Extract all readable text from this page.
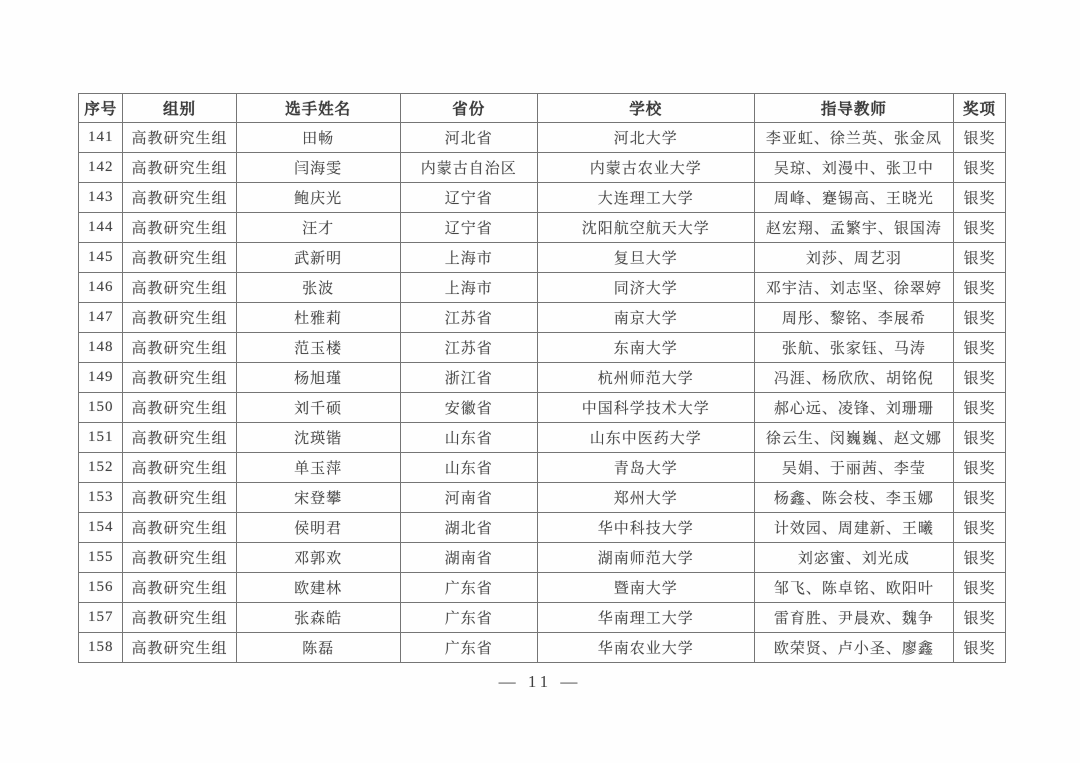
序号	组别	选手姓名	省份	学校	指导教师	奖项
141	高教研究生组	田畅	河北省	河北大学	李亚虹、徐兰英、张金凤	银奖
142	高教研究生组	闫海雯	内蒙古自治区	内蒙古农业大学	吴琼、刘漫中、张卫中	银奖
143	高教研究生组	鲍庆光	辽宁省	大连理工大学	周峰、蹇锡高、王晓光	银奖
144	高教研究生组	汪才	辽宁省	沈阳航空航天大学	赵宏翔、孟繁宇、银国涛	银奖
145	高教研究生组	武新明	上海市	复旦大学	刘莎、周艺羽	银奖
146	高教研究生组	张波	上海市	同济大学	邓宇洁、刘志坚、徐翠婷	银奖
147	高教研究生组	杜雅莉	江苏省	南京大学	周彤、黎铭、李展希	银奖
148	高教研究生组	范玉楼	江苏省	东南大学	张航、张家钰、马涛	银奖
149	高教研究生组	杨旭瑾	浙江省	杭州师范大学	冯涯、杨欣欣、胡铭倪	银奖
150	高教研究生组	刘千硕	安徽省	中国科学技术大学	郝心远、凌锋、刘珊珊	银奖
151	高教研究生组	沈瑛锴	山东省	山东中医药大学	徐云生、闵巍巍、赵文娜	银奖
152	高教研究生组	单玉萍	山东省	青岛大学	吴娟、于丽茜、李莹	银奖
153	高教研究生组	宋登攀	河南省	郑州大学	杨鑫、陈会枝、李玉娜	银奖
154	高教研究生组	侯明君	湖北省	华中科技大学	计效园、周建新、王曦	银奖
155	高教研究生组	邓郭欢	湖南省	湖南师范大学	刘宓蜜、刘光成	银奖
156	高教研究生组	欧建林	广东省	暨南大学	邹飞、陈卓铭、欧阳叶	银奖
157	高教研究生组	张森皓	广东省	华南理工大学	雷育胜、尹晨欢、魏争	银奖
158	高教研究生组	陈磊	广东省	华南农业大学	欧荣贤、卢小圣、廖鑫	银奖
— 11 —
